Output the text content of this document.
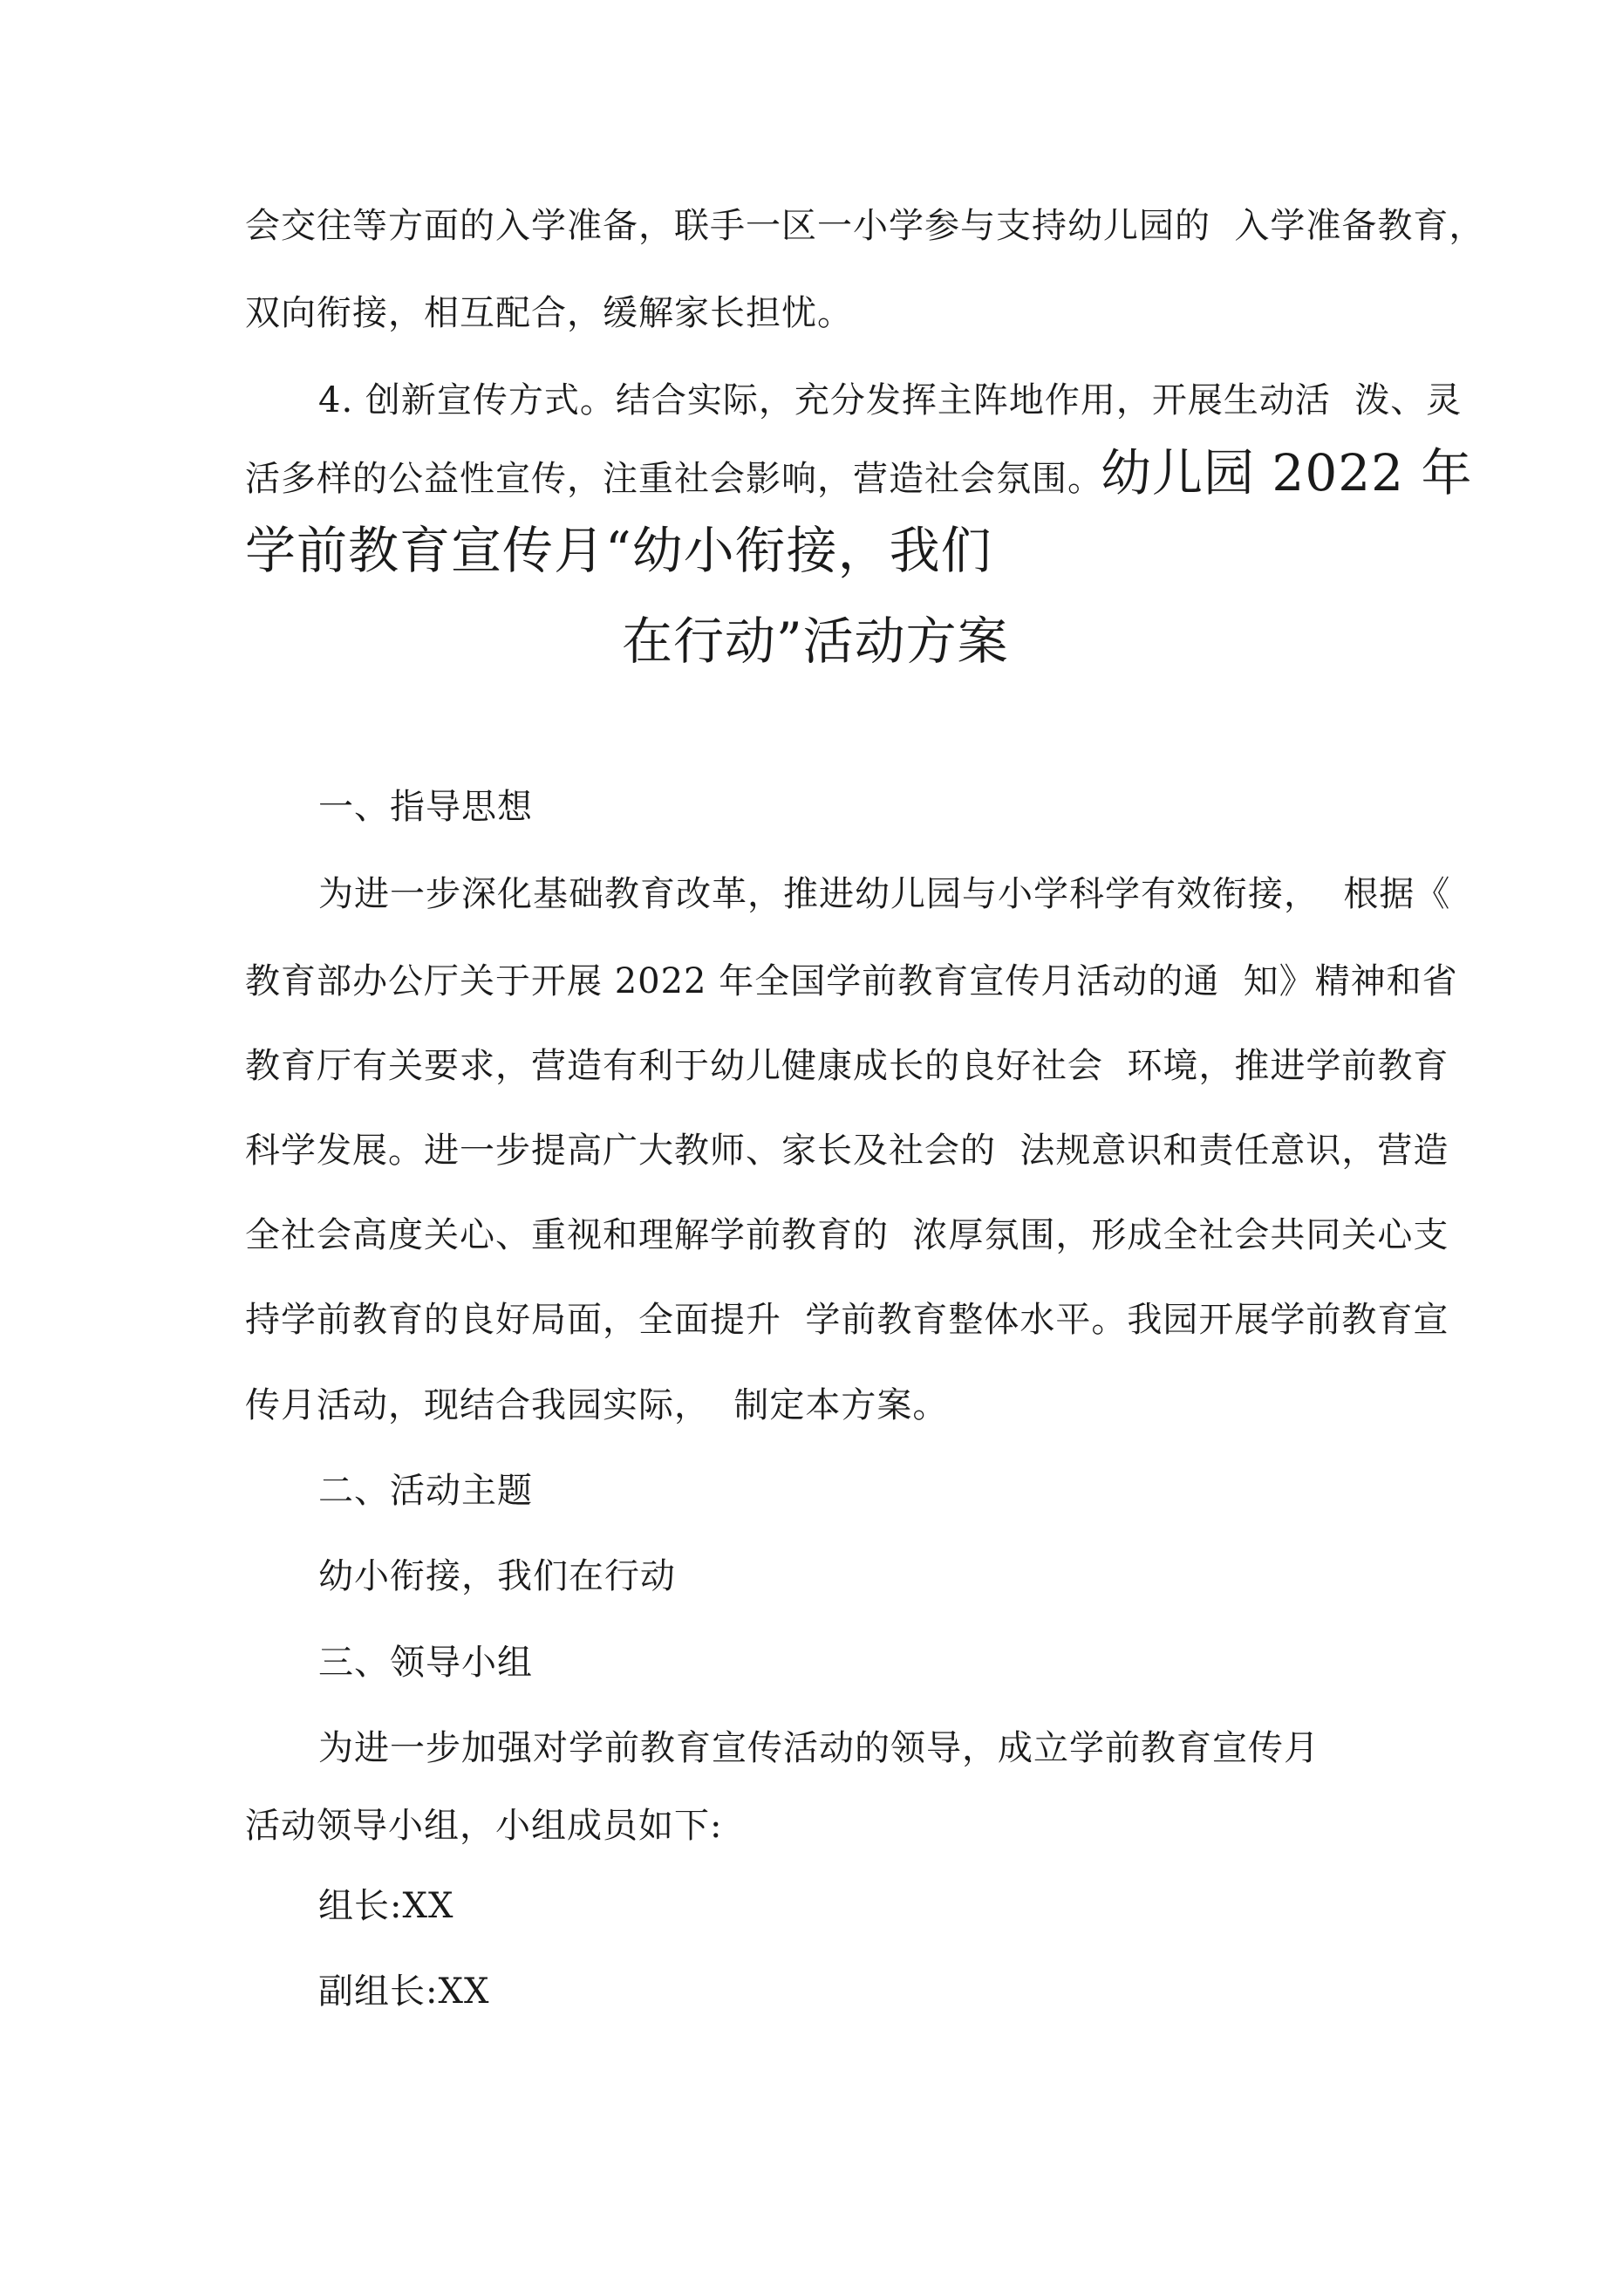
会交往等方面的入学准备，联手一区一小学参与支持幼儿园的  入学准备教育，
双向衔接，相互配合，缓解家长担忧。
4. 创新宣传方式。结合实际，充分发挥主阵地作用，开展生动活  泼、灵
活多样的公益性宣传，注重社会影响，营造社会氛围。
幼儿园 2022 年
学前教育宣传月“幼小衔接，我们
在行动”活动方案
一、指导思想
为进一步深化基础教育改革，推进幼儿园与小学科学有效衔接，  根据《
教育部办公厅关于开展 2022 年全国学前教育宣传月活动的通  知》精神和省
教育厅有关要求，营造有利于幼儿健康成长的良好社会  环境，推进学前教育
科学发展。进一步提高广大教师、家长及社会的  法规意识和责任意识，营造
全社会高度关心、重视和理解学前教育的  浓厚氛围，形成全社会共同关心支
持学前教育的良好局面，全面提升  学前教育整体水平。我园开展学前教育宣
传月活动，现结合我园实际，  制定本方案。
二、活动主题
幼小衔接，我们在行动
三、领导小组
为进一步加强对学前教育宣传活动的领导，成立学前教育宣传月
活动领导小组，小组成员如下:
组长:XX
副组长:XX
